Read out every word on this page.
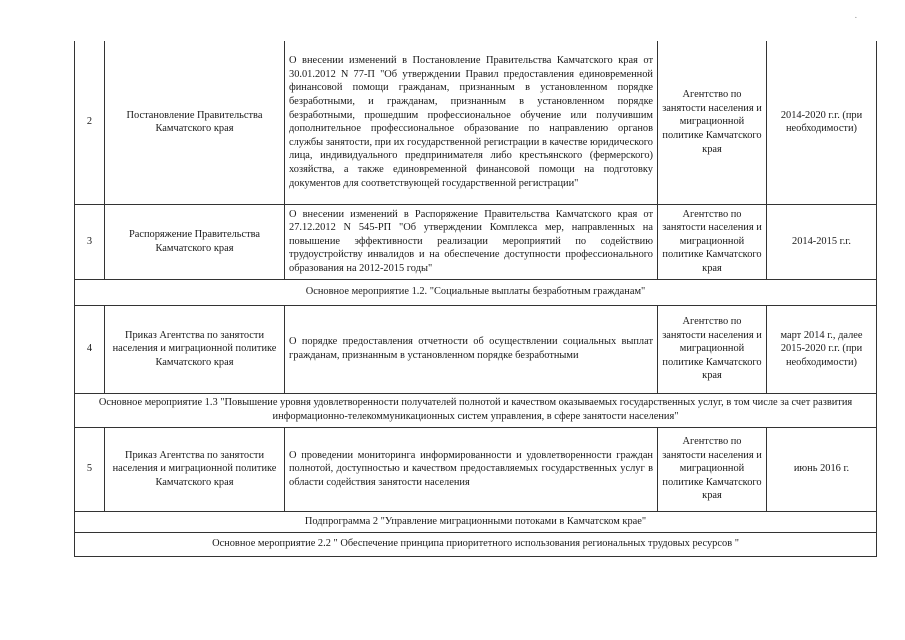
.
2	Постановление Правительства Камчатского края	О внесении изменений в Постановление Правительства Камчатского края от 30.01.2012 N 77-П "Об утверждении Правил предоставления единовременной финансовой помощи гражданам, признанным в установленном порядке безработными, и гражданам, признанным в установленном порядке безработными, прошедшим профессиональное обучение или получившим дополнительное профессиональное образование по направлению органов службы занятости, при их государственной регистрации в качестве юридического лица, индивидуального предпринимателя либо крестьянского (фермерского) хозяйства, а также единовременной финансовой помощи на подготовку документов для соответствующей государственной регистрации"	Агентство по занятости населения и миграционной политике Камчатского края	2014-2020 г.г. (при необходимости)
3	Распоряжение Правительства Камчатского края	О внесении изменений в Распоряжение Правительства Камчатского края от 27.12.2012 N 545-РП "Об утверждении Комплекса мер, направленных на повышение эффективности реализации мероприятий по содействию трудоустройству инвалидов и на обеспечение доступности профессионального образования на 2012-2015 годы"	Агентство по занятости населения и миграционной политике Камчатского края	2014-2015 г.г.
Основное мероприятие 1.2. "Социальные выплаты безработным гражданам"				
4	Приказ Агентства по занятости населения и миграционной политике Камчатского края	О порядке предоставления отчетности об осуществлении социальных выплат гражданам, признанным в установленном порядке безработными	Агентство по занятости населения и миграционной политике Камчатского края	март 2014 г., далее 2015-2020 г.г. (при необходимости)
Основное мероприятие 1.3 "Повышение уровня удовлетворенности получателей полнотой и качеством оказываемых государственных услуг, в том числе за счет развития информационно-телекоммуникационных систем управления, в сфере занятости населения"				
5	Приказ Агентства по занятости населения и миграционной политике Камчатского края	О проведении мониторинга информированности и удовлетворенности граждан полнотой, доступностью и качеством предоставляемых государственных услуг в области содействия занятости населения	Агентство по занятости населения и миграционной политике Камчатского края	июнь 2016 г.
Подпрограмма 2 "Управление миграционными потоками в Камчатском крае"				
Основное мероприятие 2.2 " Обеспечение принципа приоритетного использования региональных трудовых ресурсов "				
